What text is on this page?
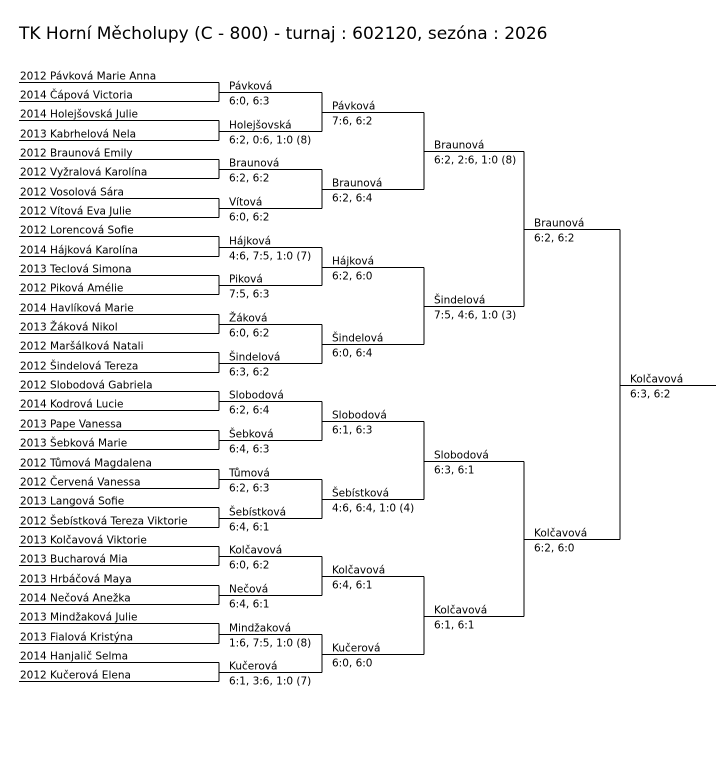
TK Horní Měcholupy (C - 800) - turnaj : 602120, sezóna : 2026
2012 Pávková Marie Anna
2014 Čápová Victoria
2014 Holejšovská Julie
2013 Kabrhelová Nela
2012 Braunová Emily
2012 Vyžralová Karolína
2012 Vosolová Sára
2012 Vítová Eva Julie
2012 Lorencová Sofie
2014 Hájková Karolína
2013 Teclová Simona
2012 Piková Amélie
2014 Havlíková Marie
2013 Žáková Nikol
2012 Maršálková Natali
2012 Šindelová Tereza
2012 Slobodová Gabriela
2014 Kodrová Lucie
2013 Pape Vanessa
2013 Šebková Marie
2012 Tůmová Magdalena
2012 Červená Vanessa
2013 Langová Sofie
2012 Šebístková Tereza Viktorie
2013 Kolčavová Viktorie
2013 Bucharová Mia
2013 Hrbáčová Maya
2014 Nečová Anežka
2013 Mindžaková Julie
2013 Fialová Kristýna
2014 Hanjalič Selma
2012 Kučerová Elena
Pávková
6:0, 6:3
Holejšovská
6:2, 0:6, 1:0 (8)
Braunová
6:2, 6:2
Vítová
6:0, 6:2
Hájková
4:6, 7:5, 1:0 (7)
Piková
7:5, 6:3
Žáková
6:0, 6:2
Šindelová
6:3, 6:2
Slobodová
6:2, 6:4
Šebková
6:4, 6:3
Tůmová
6:2, 6:3
Šebístková
6:4, 6:1
Kolčavová
6:0, 6:2
Nečová
6:4, 6:1
Mindžaková
1:6, 7:5, 1:0 (8)
Kučerová
6:1, 3:6, 1:0 (7)
Pávková
7:6, 6:2
Braunová
6:2, 6:4
Hájková
6:2, 6:0
Šindelová
6:0, 6:4
Slobodová
6:1, 6:3
Šebístková
4:6, 6:4, 1:0 (4)
Kolčavová
6:4, 6:1
Kučerová
6:0, 6:0
Braunová
6:2, 2:6, 1:0 (8)
Šindelová
7:5, 4:6, 1:0 (3)
Slobodová
6:3, 6:1
Kolčavová
6:1, 6:1
Braunová
6:2, 6:2
Kolčavová
6:2, 6:0
Kolčavová
6:3, 6:2
